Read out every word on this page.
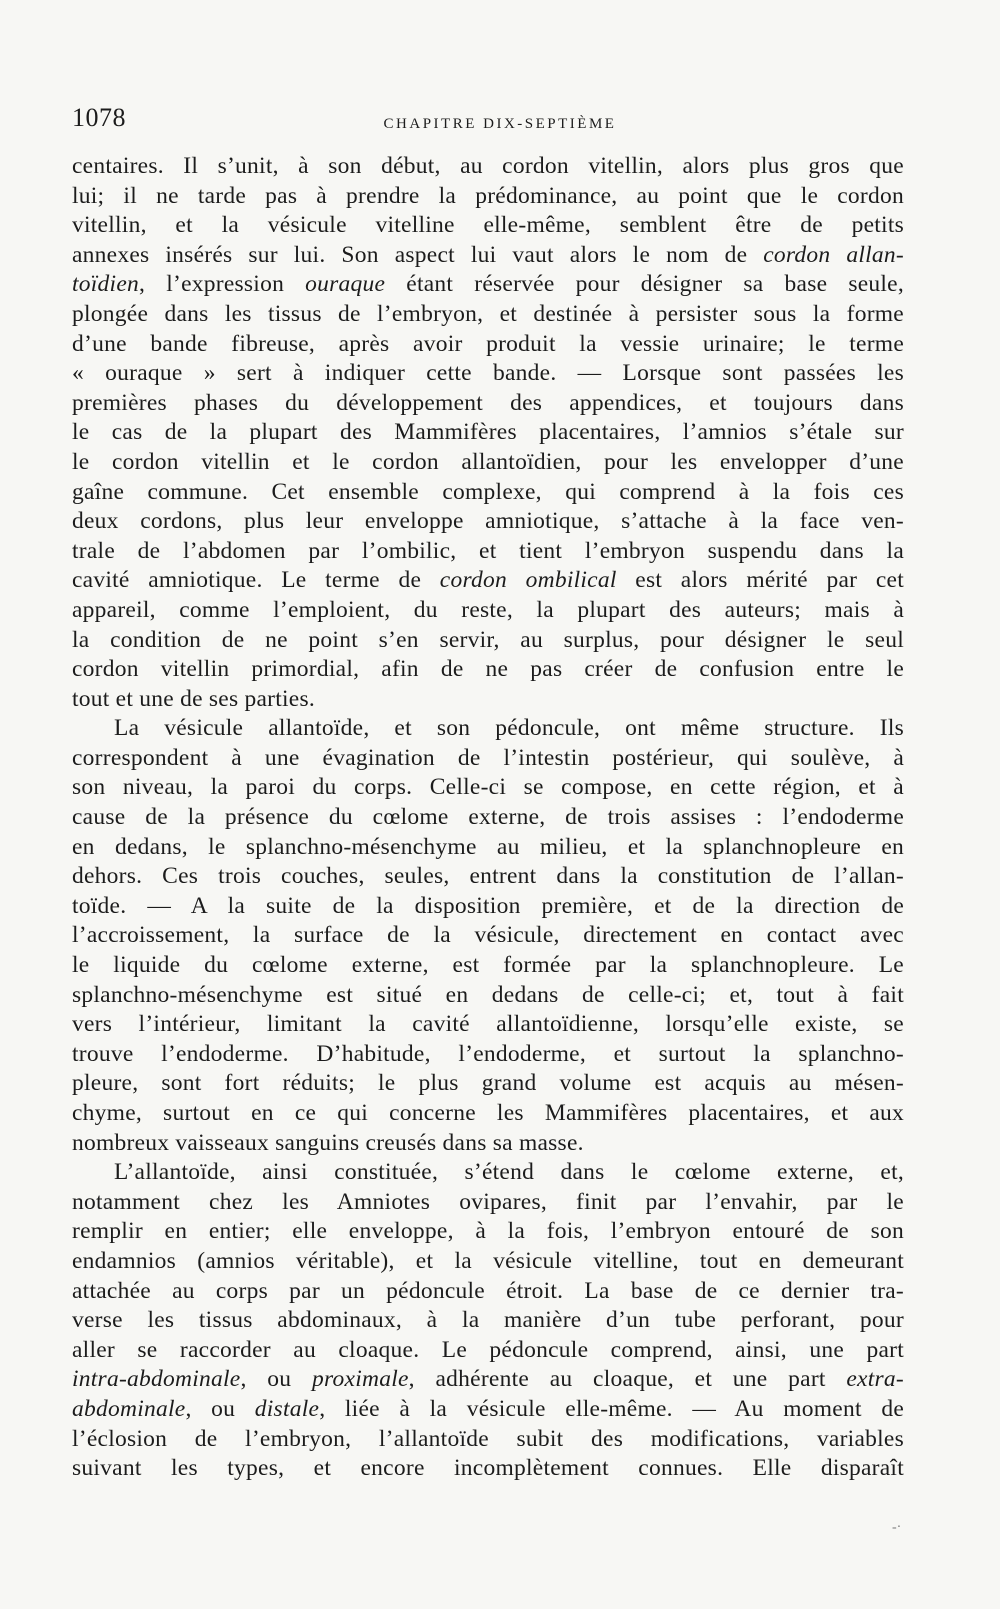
1078	CHAPITRE DIX-SEPTIÈME
centaires. Il s’unit, à son début, au cordon vitellin, alors plus gros que
lui; il ne tarde pas à prendre la prédominance, au point que le cordon
vitellin, et la vésicule vitelline elle-même, semblent être de petits
annexes insérés sur lui. Son aspect lui vaut alors le nom de cordon allan-
toïdien, l’expression ouraque étant réservée pour désigner sa base seule,
plongée dans les tissus de l’embryon, et destinée à persister sous la forme
d’une bande fibreuse, après avoir produit la vessie urinaire; le terme
« ouraque » sert à indiquer cette bande. — Lorsque sont passées les
premières phases du développement des appendices, et toujours dans
le cas de la plupart des Mammifères placentaires, l’amnios s’étale sur
le cordon vitellin et le cordon allantoïdien, pour les envelopper d’une
gaîne commune. Cet ensemble complexe, qui comprend à la fois ces
deux cordons, plus leur enveloppe amniotique, s’attache à la face ven-
trale de l’abdomen par l’ombilic, et tient l’embryon suspendu dans la
cavité amniotique. Le terme de cordon ombilical est alors mérité par cet
appareil, comme l’emploient, du reste, la plupart des auteurs; mais à
la condition de ne point s’en servir, au surplus, pour désigner le seul
cordon vitellin primordial, afin de ne pas créer de confusion entre le
tout et une de ses parties.
La vésicule allantoïde, et son pédoncule, ont même structure. Ils
correspondent à une évagination de l’intestin postérieur, qui soulève, à
son niveau, la paroi du corps. Celle-ci se compose, en cette région, et à
cause de la présence du cœlome externe, de trois assises : l’endoderme
en dedans, le splanchno-mésenchyme au milieu, et la splanchnopleure en
dehors. Ces trois couches, seules, entrent dans la constitution de l’allan-
toïde. — A la suite de la disposition première, et de la direction de
l’accroissement, la surface de la vésicule, directement en contact avec
le liquide du cœlome externe, est formée par la splanchnopleure. Le
splanchno-mésenchyme est situé en dedans de celle-ci; et, tout à fait
vers l’intérieur, limitant la cavité allantoïdienne, lorsqu’elle existe, se
trouve l’endoderme. D’habitude, l’endoderme, et surtout la splanchno-
pleure, sont fort réduits; le plus grand volume est acquis au mésen-
chyme, surtout en ce qui concerne les Mammifères placentaires, et aux
nombreux vaisseaux sanguins creusés dans sa masse.
L’allantoïde, ainsi constituée, s’étend dans le cœlome externe, et,
notamment chez les Amniotes ovipares, finit par l’envahir, par le
remplir en entier; elle enveloppe, à la fois, l’embryon entouré de son
endamnios (amnios véritable), et la vésicule vitelline, tout en demeurant
attachée au corps par un pédoncule étroit. La base de ce dernier tra-
verse les tissus abdominaux, à la manière d’un tube perforant, pour
aller se raccorder au cloaque. Le pédoncule comprend, ainsi, une part
intra-abdominale, ou proximale, adhérente au cloaque, et une part extra-
abdominale, ou distale, liée à la vésicule elle-même. — Au moment de
l’éclosion de l’embryon, l’allantoïde subit des modifications, variables
suivant les types, et encore incomplètement connues. Elle disparaît
-·
